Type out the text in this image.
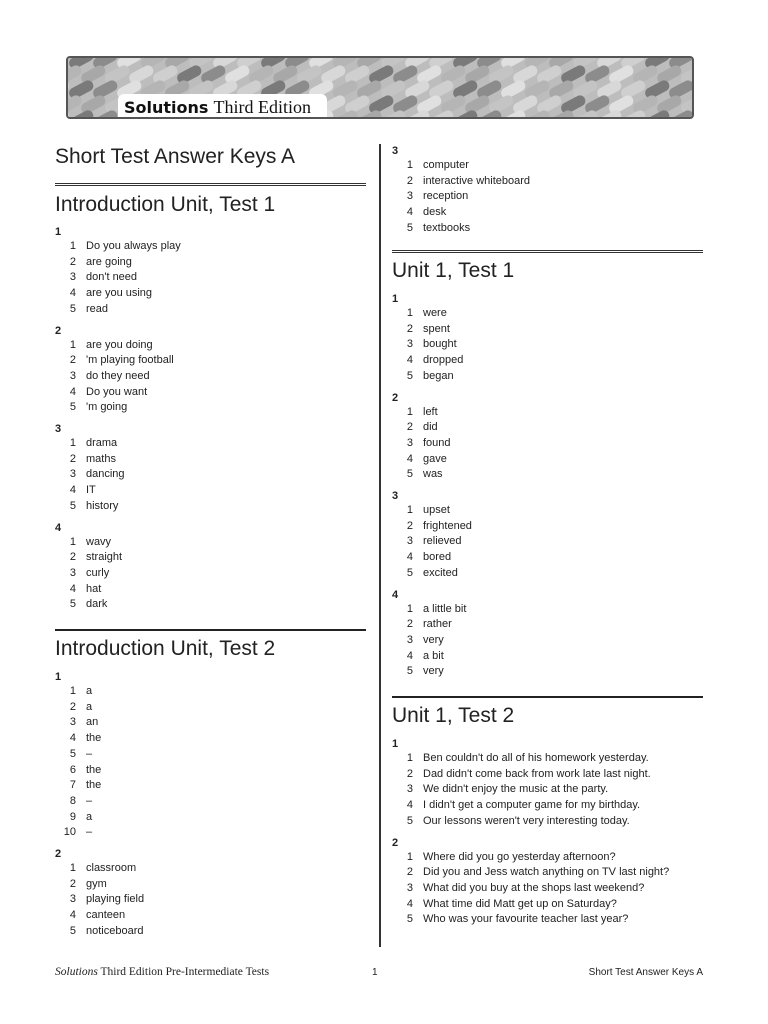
Solutions Third Edition
Short Test Answer Keys A
Introduction Unit, Test 1
1
1 Do you always play
2 are going
3 don't need
4 are you using
5 read
2
1 are you doing
2 'm playing football
3 do they need
4 Do you want
5 'm going
3
1 drama
2 maths
3 dancing
4 IT
5 history
4
1 wavy
2 straight
3 curly
4 hat
5 dark
Introduction Unit, Test 2
1
1 a
2 a
3 an
4 the
5 –
6 the
7 the
8 –
9 a
10 –
2
1 classroom
2 gym
3 playing field
4 canteen
5 noticeboard
3
1 computer
2 interactive whiteboard
3 reception
4 desk
5 textbooks
Unit 1, Test 1
1
1 were
2 spent
3 bought
4 dropped
5 began
2
1 left
2 did
3 found
4 gave
5 was
3
1 upset
2 frightened
3 relieved
4 bored
5 excited
4
1 a little bit
2 rather
3 very
4 a bit
5 very
Unit 1, Test 2
1
1 Ben couldn't do all of his homework yesterday.
2 Dad didn't come back from work late last night.
3 We didn't enjoy the music at the party.
4 I didn't get a computer game for my birthday.
5 Our lessons weren't very interesting today.
2
1 Where did you go yesterday afternoon?
2 Did you and Jess watch anything on TV last night?
3 What did you buy at the shops last weekend?
4 What time did Matt get up on Saturday?
5 Who was your favourite teacher last year?
Solutions Third Edition Pre-Intermediate Tests	1	Short Test Answer Keys A
